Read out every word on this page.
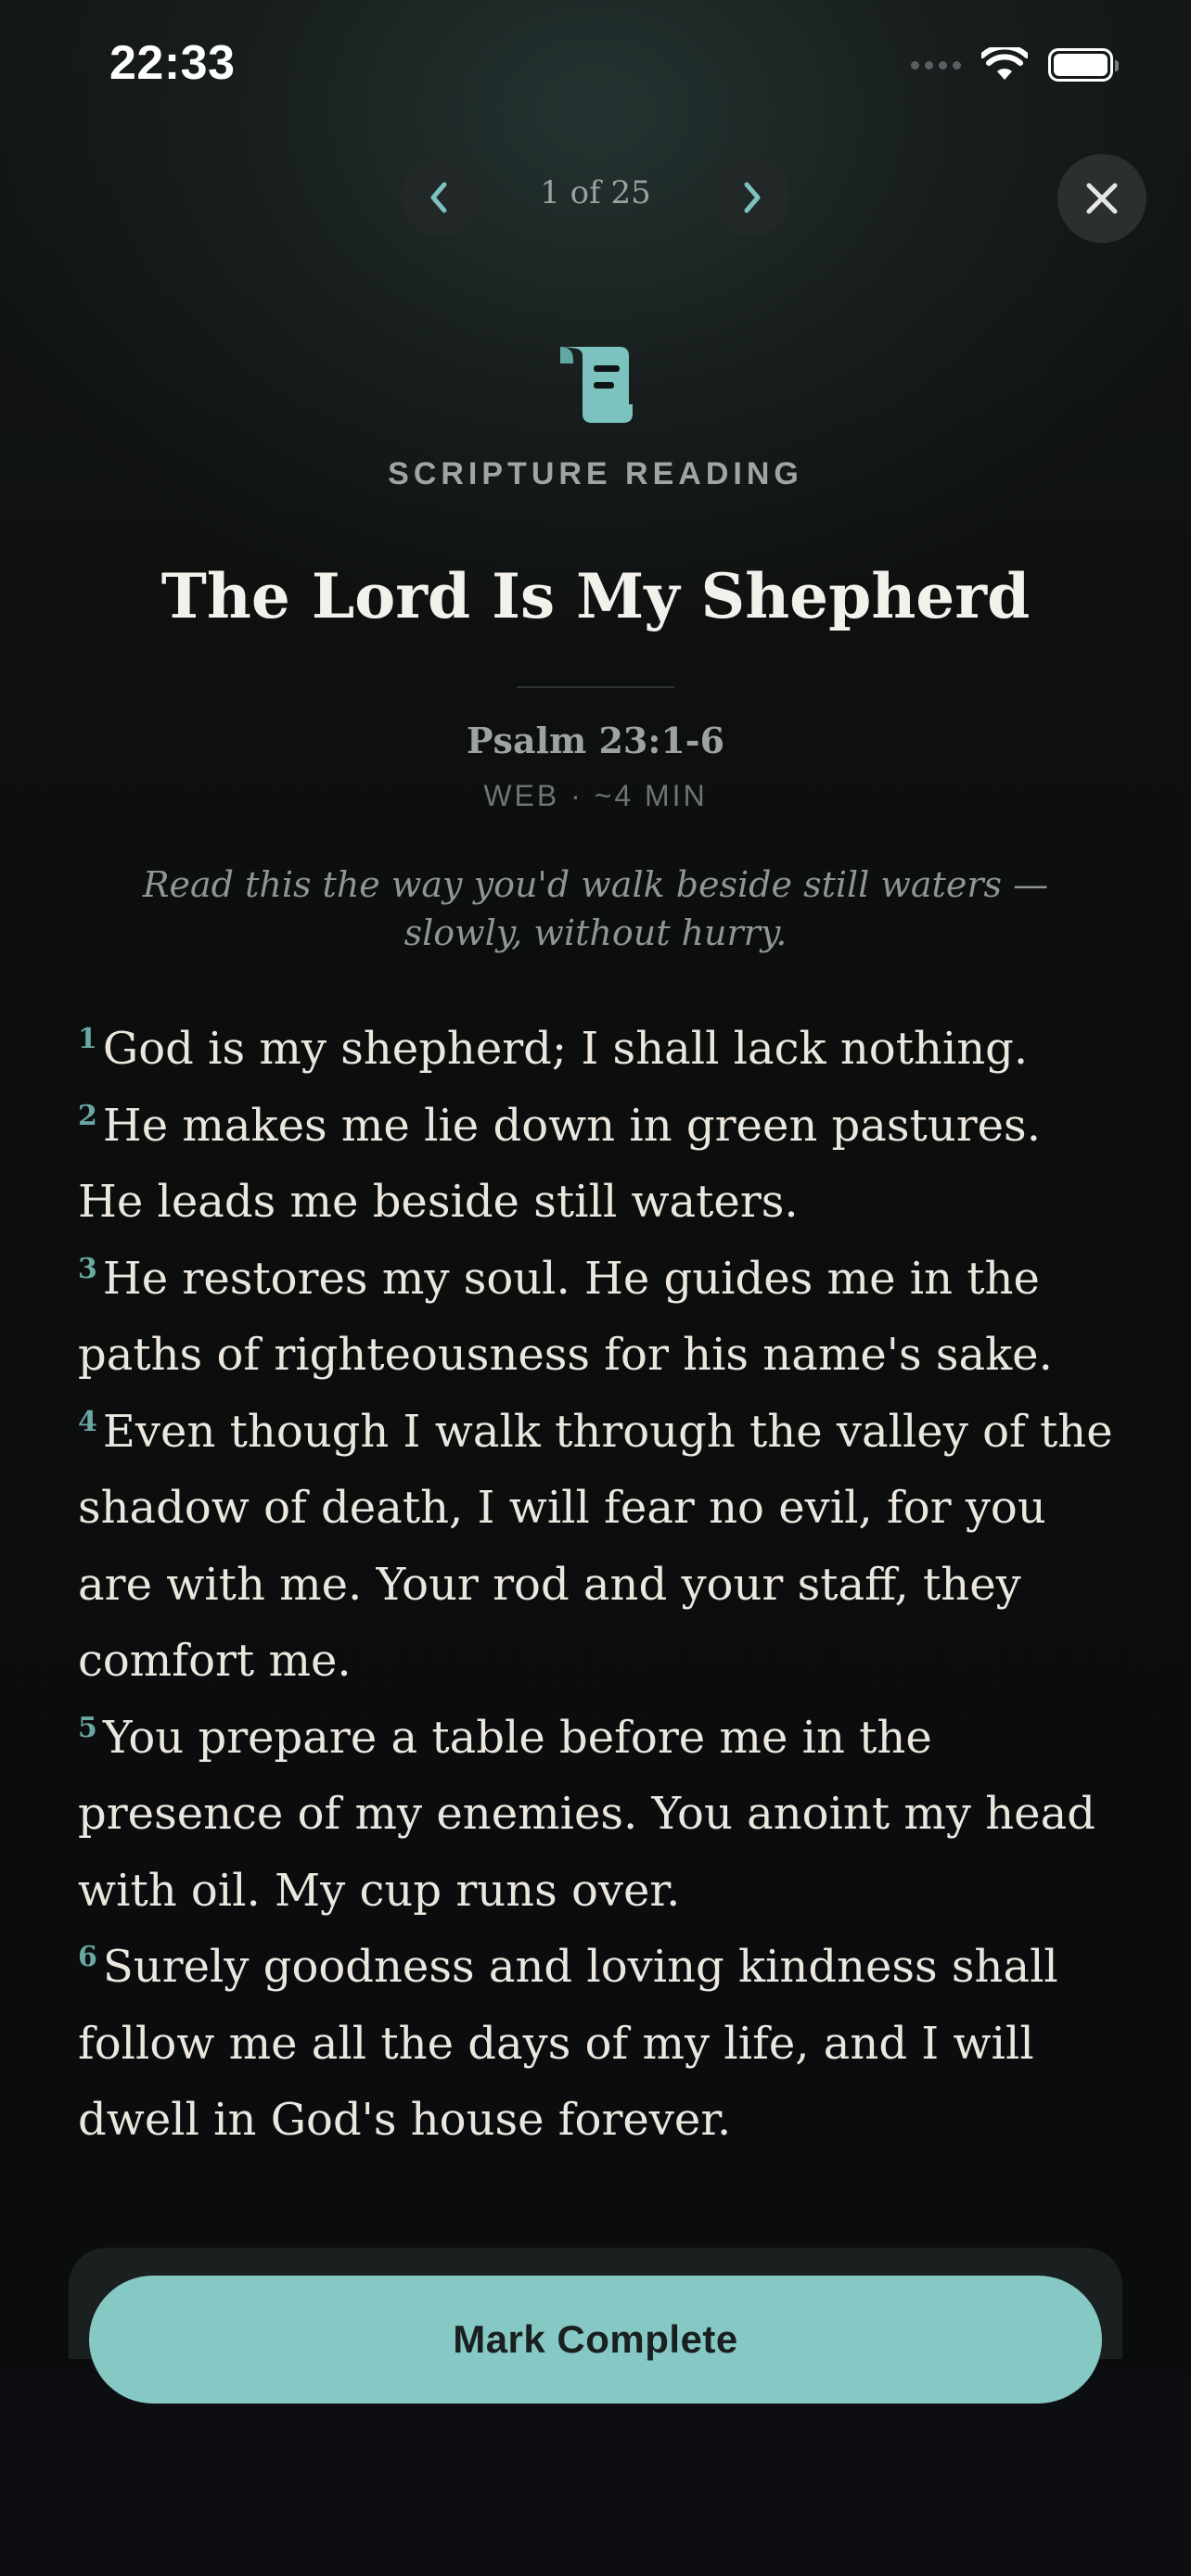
22:33
1 of 25
SCRIPTURE READING
The Lord Is My Shepherd
Psalm 23:1-6
WEB · ~4 MIN
Read this the way you'd walk beside still waters — slowly, without hurry.

$^1$ God is my shepherd; I shall lack nothing.

$^2$ He makes me lie down in green pastures. He leads me beside still waters.

$^3$ He restores my soul. He guides me in the paths of righteousness for his name's sake.

$^4$ Even though I walk through the valley of the shadow of death, I will fear no evil, for you are with me. Your rod and your staff, they comfort me.

$^5$ You prepare a table before me in the presence of my enemies. You anoint my head with oil. My cup runs over.

$^6$ Surely goodness and loving kindness shall follow me all the days of my life, and I will dwell in God's house forever.

Mark Complete
